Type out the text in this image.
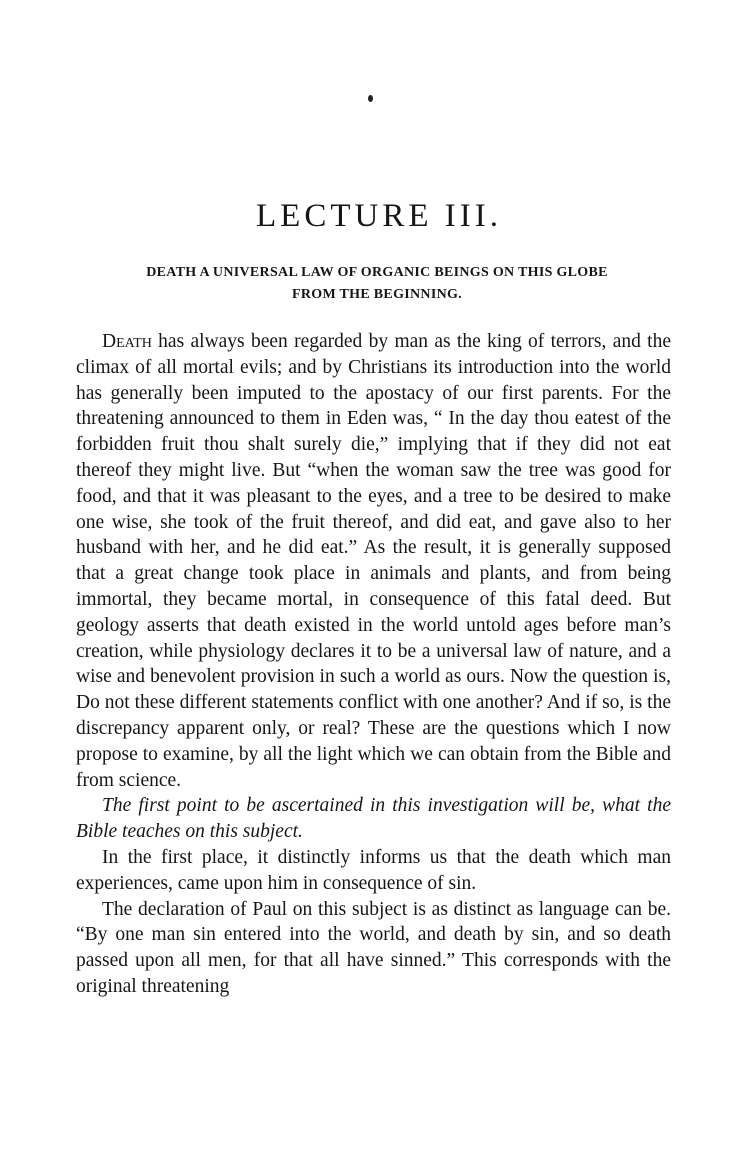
LECTURE III.
DEATH A UNIVERSAL LAW OF ORGANIC BEINGS ON THIS GLOBE
FROM THE BEGINNING.

Death has always been regarded by man as the king of terrors, and the climax of all mortal evils; and by Christians its introduction into the world has generally been imputed to the apostacy of our first parents. For the threatening announced to them in Eden was, “ In the day thou eatest of the forbidden fruit thou shalt surely die,” implying that if they did not eat thereof they might live. But “when the woman saw the tree was good for food, and that it was pleasant to the eyes, and a tree to be desired to make one wise, she took of the fruit thereof, and did eat, and gave also to her husband with her, and he did eat.” As the result, it is generally supposed that a great change took place in animals and plants, and from being immortal, they became mortal, in consequence of this fatal deed. But geology asserts that death existed in the world untold ages before man’s creation, while physiology declares it to be a universal law of nature, and a wise and benevolent provision in such a world as ours. Now the question is, Do not these different statements conflict with one another? And if so, is the discrepancy apparent only, or real? These are the questions which I now propose to examine, by all the light which we can obtain from the Bible and from science.

The first point to be ascertained in this investigation will be, what the Bible teaches on this subject.

In the first place, it distinctly informs us that the death which man experiences, came upon him in consequence of sin.

The declaration of Paul on this subject is as distinct as language can be. “By one man sin entered into the world, and death by sin, and so death passed upon all men, for that all have sinned.” This corresponds with the original threatening
